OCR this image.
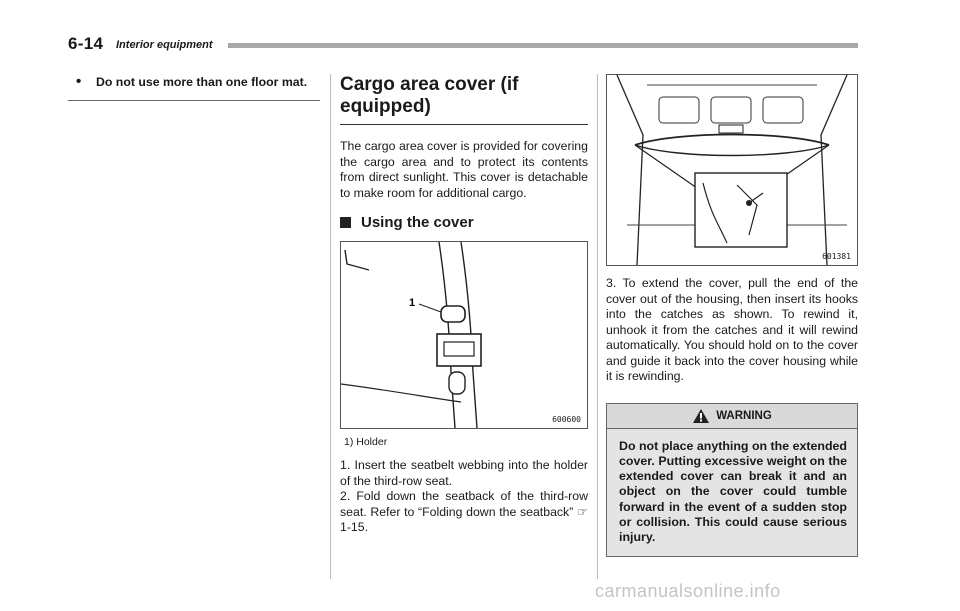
6-14 Interior equipment

• Do not use more than one floor mat.	Cargo area cover (if equipped)

The cargo area cover is provided for covering the cargo area and to protect its contents from direct sunlight. This cover is detachable to make room for additional cargo.

Using the cover
1
600600
1) Holder

1. Insert the seatbelt webbing into the holder of the third-row seat.

2. Fold down the seatback of the third-row seat. Refer to “Folding down the seatback” ☞1-15.

601381

3. To extend the cover, pull the end of the cover out of the housing, then insert its hooks into the catches as shown. To rewind it, unhook it from the catches and it will rewind automatically. You should hold on to the cover and guide it back into the cover housing while it is rewinding.

WARNING

Do not place anything on the extended cover. Putting excessive weight on the extended cover can break it and an object on the cover could tumble forward in the event of a sudden stop or collision. This could cause serious injury.

carmanualsonline.info
